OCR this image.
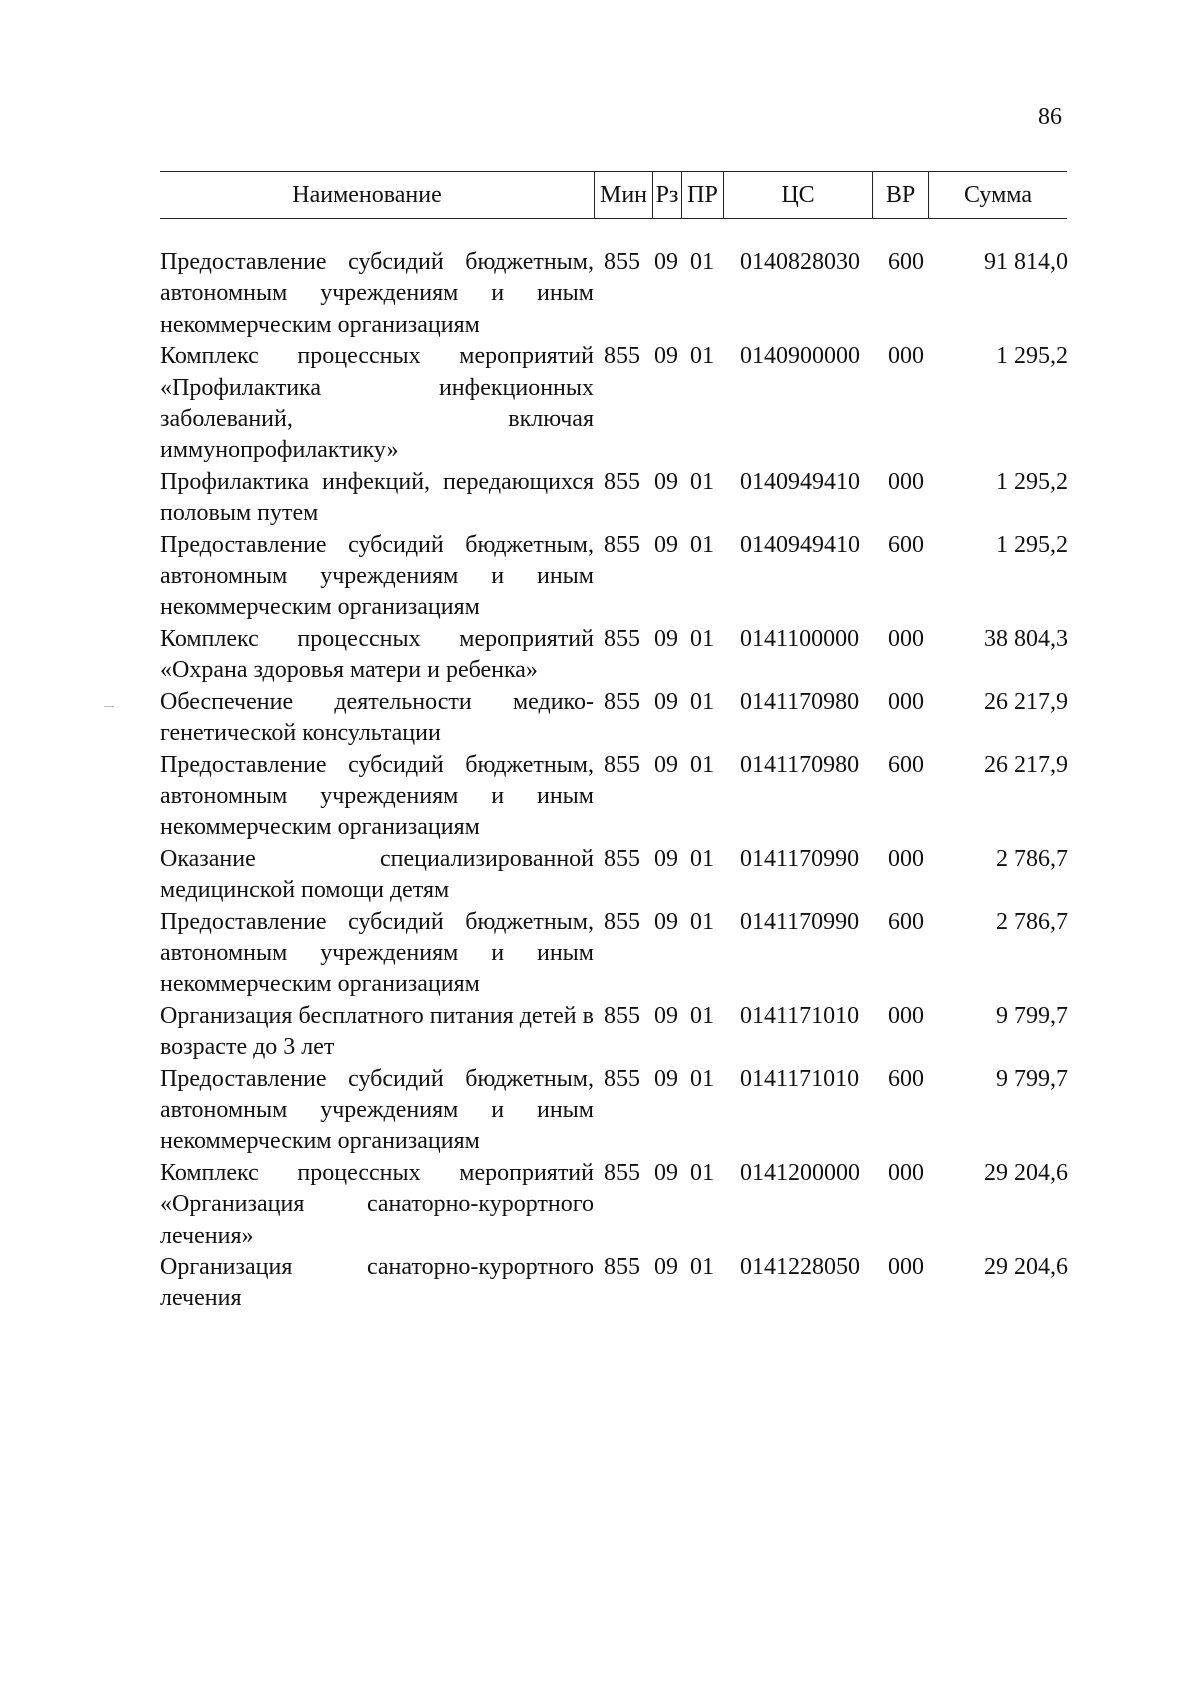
86
Наименование	Мин Рз ПР	ЦС	ВР	Сумма
Предоставление субсидий бюджетным, автономным учреждениям и иным некоммерческим организациям
855 09 01	0140828030	600	91 814,0
Комплекс процессных мероприятий «Профилактика инфекционных заболеваний, включая иммунопрофилактику»
855 09 01	0140900000	000	1 295,2
Профилактика инфекций, передающихся половым путем
855 09 01	0140949410	000	1 295,2
Предоставление субсидий бюджетным, автономным учреждениям и иным некоммерческим организациям
855 09 01	0140949410	600	1 295,2
Комплекс процессных мероприятий «Охрана здоровья матери и ребенка»
855 09 01	0141100000	000	38 804,3
Обеспечение деятельности медико-генетической консультации
855 09 01	0141170980	000	26 217,9
Предоставление субсидий бюджетным, автономным учреждениям и иным некоммерческим организациям
855 09 01	0141170980	600	26 217,9
Оказание специализированной медицинской помощи детям
855 09 01	0141170990	000	2 786,7
Предоставление субсидий бюджетным, автономным учреждениям и иным некоммерческим организациям
855 09 01	0141170990	600	2 786,7
Организация бесплатного питания детей в возрасте до 3 лет
855 09 01	0141171010	000	9 799,7
Предоставление субсидий бюджетным, автономным учреждениям и иным некоммерческим организациям
855 09 01	0141171010	600	9 799,7
Комплекс процессных мероприятий «Организация санаторно-курортного лечения»
855 09 01	0141200000	000	29 204,6
Организация санаторно-курортного лечения
855 09 01	0141228050	000	29 204,6
